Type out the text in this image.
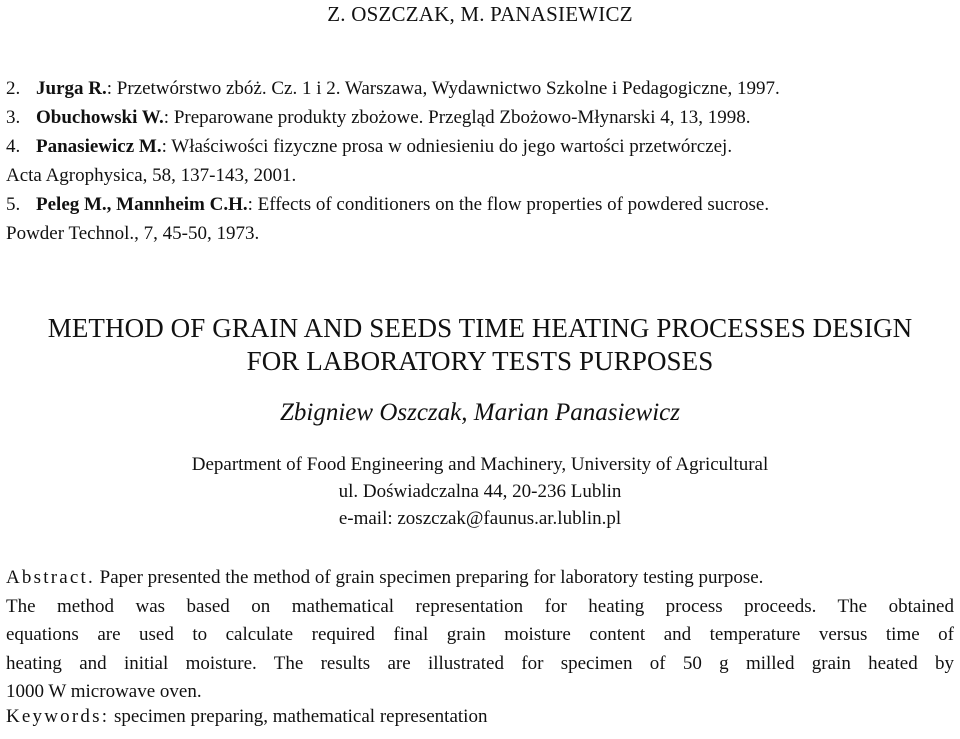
Z. OSZCZAK, M. PANASIEWICZ

2. Jurga R.: Przetwórstwo zbóż. Cz. 1 i 2. Warszawa, Wydawnictwo Szkolne i Pedagogiczne, 1997.

3. Obuchowski W.: Preparowane produkty zbożowe. Przegląd Zbożowo-Młynarski 4, 13, 1998.

4. Panasiewicz M.: Właściwości fizyczne prosa w odniesieniu do jego wartości przetwórczej.

Acta Agrophysica, 58, 137-143, 2001.

5. Peleg M., Mannheim C.H.: Effects of conditioners on the flow properties of powdered sucrose.

Powder Technol., 7, 45-50, 1973.

METHOD OF GRAIN AND SEEDS TIME HEATING PROCESSES DESIGN
FOR LABORATORY TESTS PURPOSES
Zbigniew Oszczak, Marian Panasiewicz
Department of Food Engineering and Machinery, University of Agricultural
ul. Doświadczalna 44, 20-236 Lublin
e-mail: zoszczak@faunus.ar.lublin.pl
Abstract. Paper presented the method of grain specimen preparing for laboratory testing purpose.
The method was based on mathematical representation for heating process proceeds. The obtained
equations are used to calculate required final grain moisture content and temperature versus time of
heating and initial moisture. The results are illustrated for specimen of 50 g milled grain heated by
1000 W microwave oven.
Keywords: specimen preparing, mathematical representation
